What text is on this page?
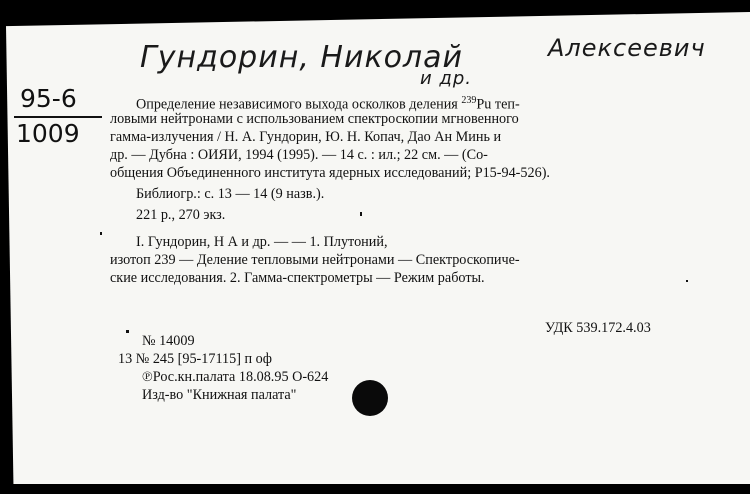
Гундорин, Николай	Алексеевич
и др.
95-6
1009
Определение независимого выхода осколков деления $^{239}$Pu теп-
ловыми нейтронами с использованием спектроскопии мгновенного
гамма-излучения / Н. А. Гундорин, Ю. Н. Копач, Дао Ан Минь и
др. — Дубна : ОИЯИ, 1994 (1995). — 14 с. : ил.; 22 см. — (Со-
общения Объединенного института ядерных исследований; Р15-94-526).
Библиогр.: с. 13 — 14 (9 назв.).
221 р., 270 экз.
I. Гундорин, Н А и др. — — 1. Плутоний,
изотоп 239 — Деление тепловыми нейтронами — Спектроскопиче-
ские исследования. 2. Гамма-спектрометры — Режим работы.
УДК 539.172.4.03
№ 14009
13 № 245 [95-17115] п оф
℗Рос.кн.палата 18.08.95 О-624
Изд-во "Книжная палата"
